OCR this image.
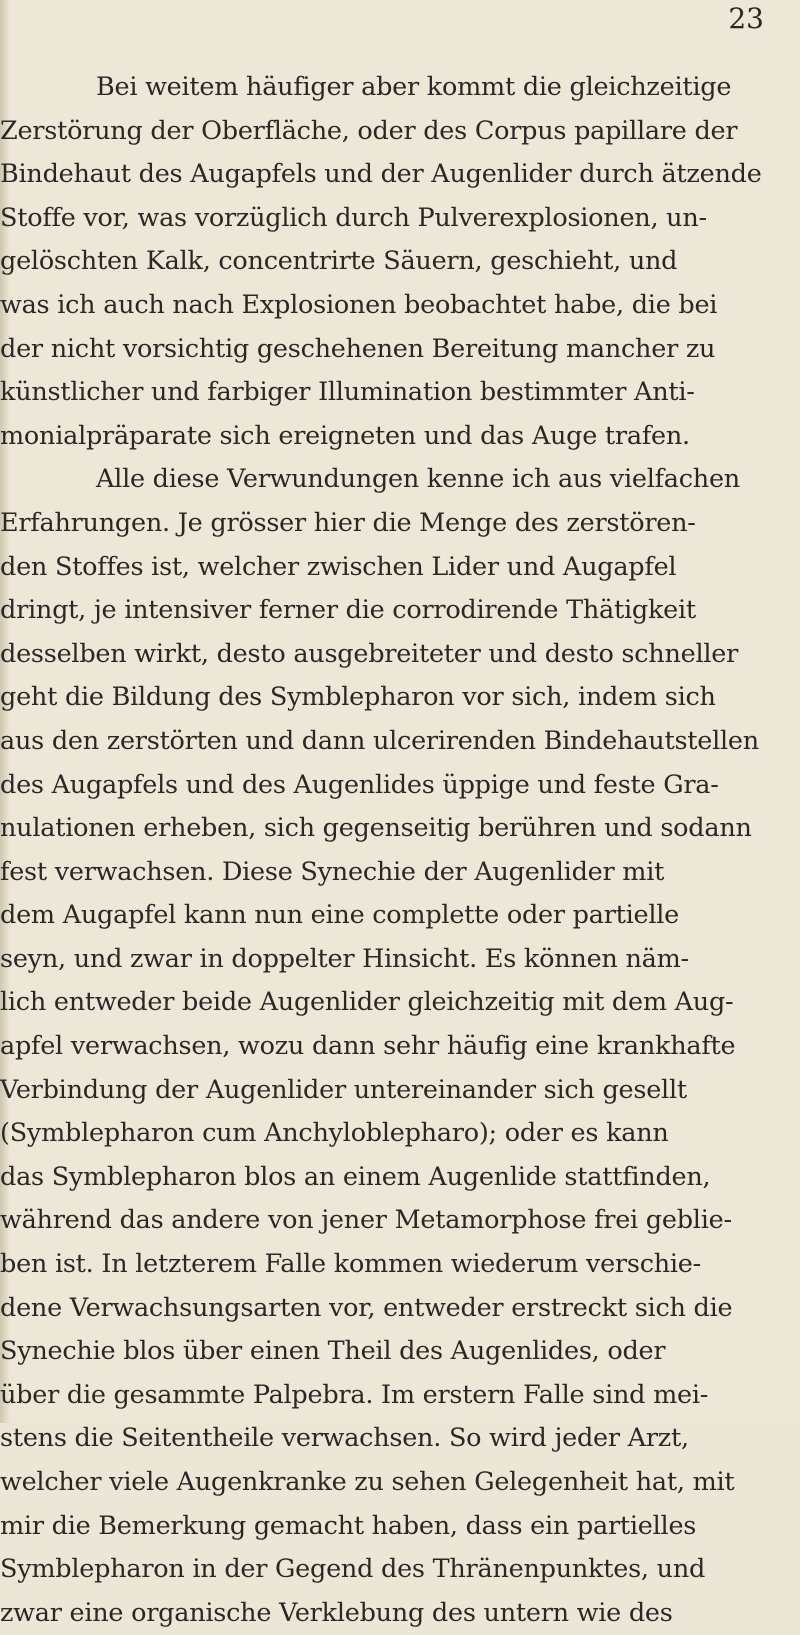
23
Bei weitem häufiger aber kommt die gleichzeitige
Zerstörung der Oberfläche, oder des Corpus papillare der
Bindehaut des Augapfels und der Augenlider durch ätzende
Stoffe vor, was vorzüglich durch Pulverexplosionen, un-
gelöschten Kalk, concentrirte Säuern, geschieht, und
was ich auch nach Explosionen beobachtet habe, die bei
der nicht vorsichtig geschehenen Bereitung mancher zu
künstlicher und farbiger Illumination bestimmter Anti-
monialpräparate sich ereigneten und das Auge trafen.
Alle diese Verwundungen kenne ich aus vielfachen
Erfahrungen. Je grösser hier die Menge des zerstören-
den Stoffes ist, welcher zwischen Lider und Augapfel
dringt, je intensiver ferner die corrodirende Thätigkeit
desselben wirkt, desto ausgebreiteter und desto schneller
geht die Bildung des Symblepharon vor sich, indem sich
aus den zerstörten und dann ulcerirenden Bindehautstellen
des Augapfels und des Augenlides üppige und feste Gra-
nulationen erheben, sich gegenseitig berühren und sodann
fest verwachsen. Diese Synechie der Augenlider mit
dem Augapfel kann nun eine complette oder partielle
seyn, und zwar in doppelter Hinsicht. Es können näm-
lich entweder beide Augenlider gleichzeitig mit dem Aug-
apfel verwachsen, wozu dann sehr häufig eine krankhafte
Verbindung der Augenlider untereinander sich gesellt
(Symblepharon cum Anchyloblepharo); oder es kann
das Symblepharon blos an einem Augenlide stattfinden,
während das andere von jener Metamorphose frei geblie-
ben ist. In letzterem Falle kommen wiederum verschie-
dene Verwachsungsarten vor, entweder erstreckt sich die
Synechie blos über einen Theil des Augenlides, oder
über die gesammte Palpebra. Im erstern Falle sind mei-
stens die Seitentheile verwachsen. So wird jeder Arzt,
welcher viele Augenkranke zu sehen Gelegenheit hat, mit
mir die Bemerkung gemacht haben, dass ein partielles
Symblepharon in der Gegend des Thränenpunktes, und
zwar eine organische Verklebung des untern wie des
